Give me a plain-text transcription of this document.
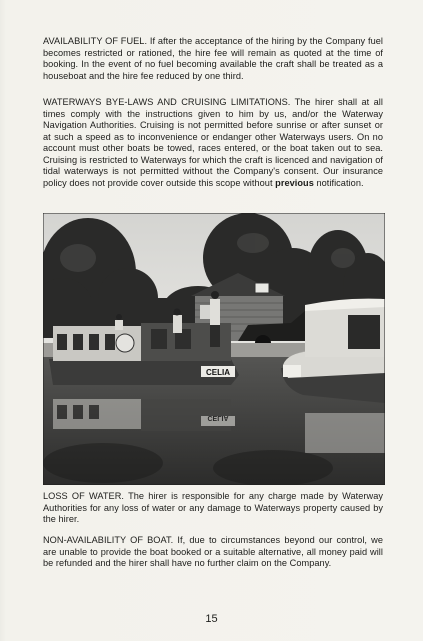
AVAILABILITY OF FUEL. If after the acceptance of the hiring by the Company fuel becomes restricted or rationed, the hire fee will remain as quoted at the time of booking. In the event of no fuel becoming available the craft shall be treated as a houseboat and the hire fee reduced by one third.

WATERWAYS BYE-LAWS AND CRUISING LIMITATIONS. The hirer shall at all times comply with the instructions given to him by us, and/or the Waterway Navigation Authorities. Cruising is not permitted before sunrise or after sunset or at such a speed as to inconvenience or endanger other Waterways users. On no account must other boats be towed, races entered, or the boat taken out to sea. Cruising is restricted to Waterways for which the craft is licenced and navigation of tidal waterways is not permitted without the Company's consent. Our insurance policy does not provide cover outside this scope without previous notification.

CELIA
CELIA

LOSS OF WATER. The hirer is responsible for any charge made by Waterway Authorities for any loss of water or any damage to Waterways property caused by the hirer.

NON-AVAILABILITY OF BOAT. If, due to circumstances beyond our control, we are unable to provide the boat booked or a suitable alternative, all money paid will be refunded and the hirer shall have no further claim on the Company.

15
